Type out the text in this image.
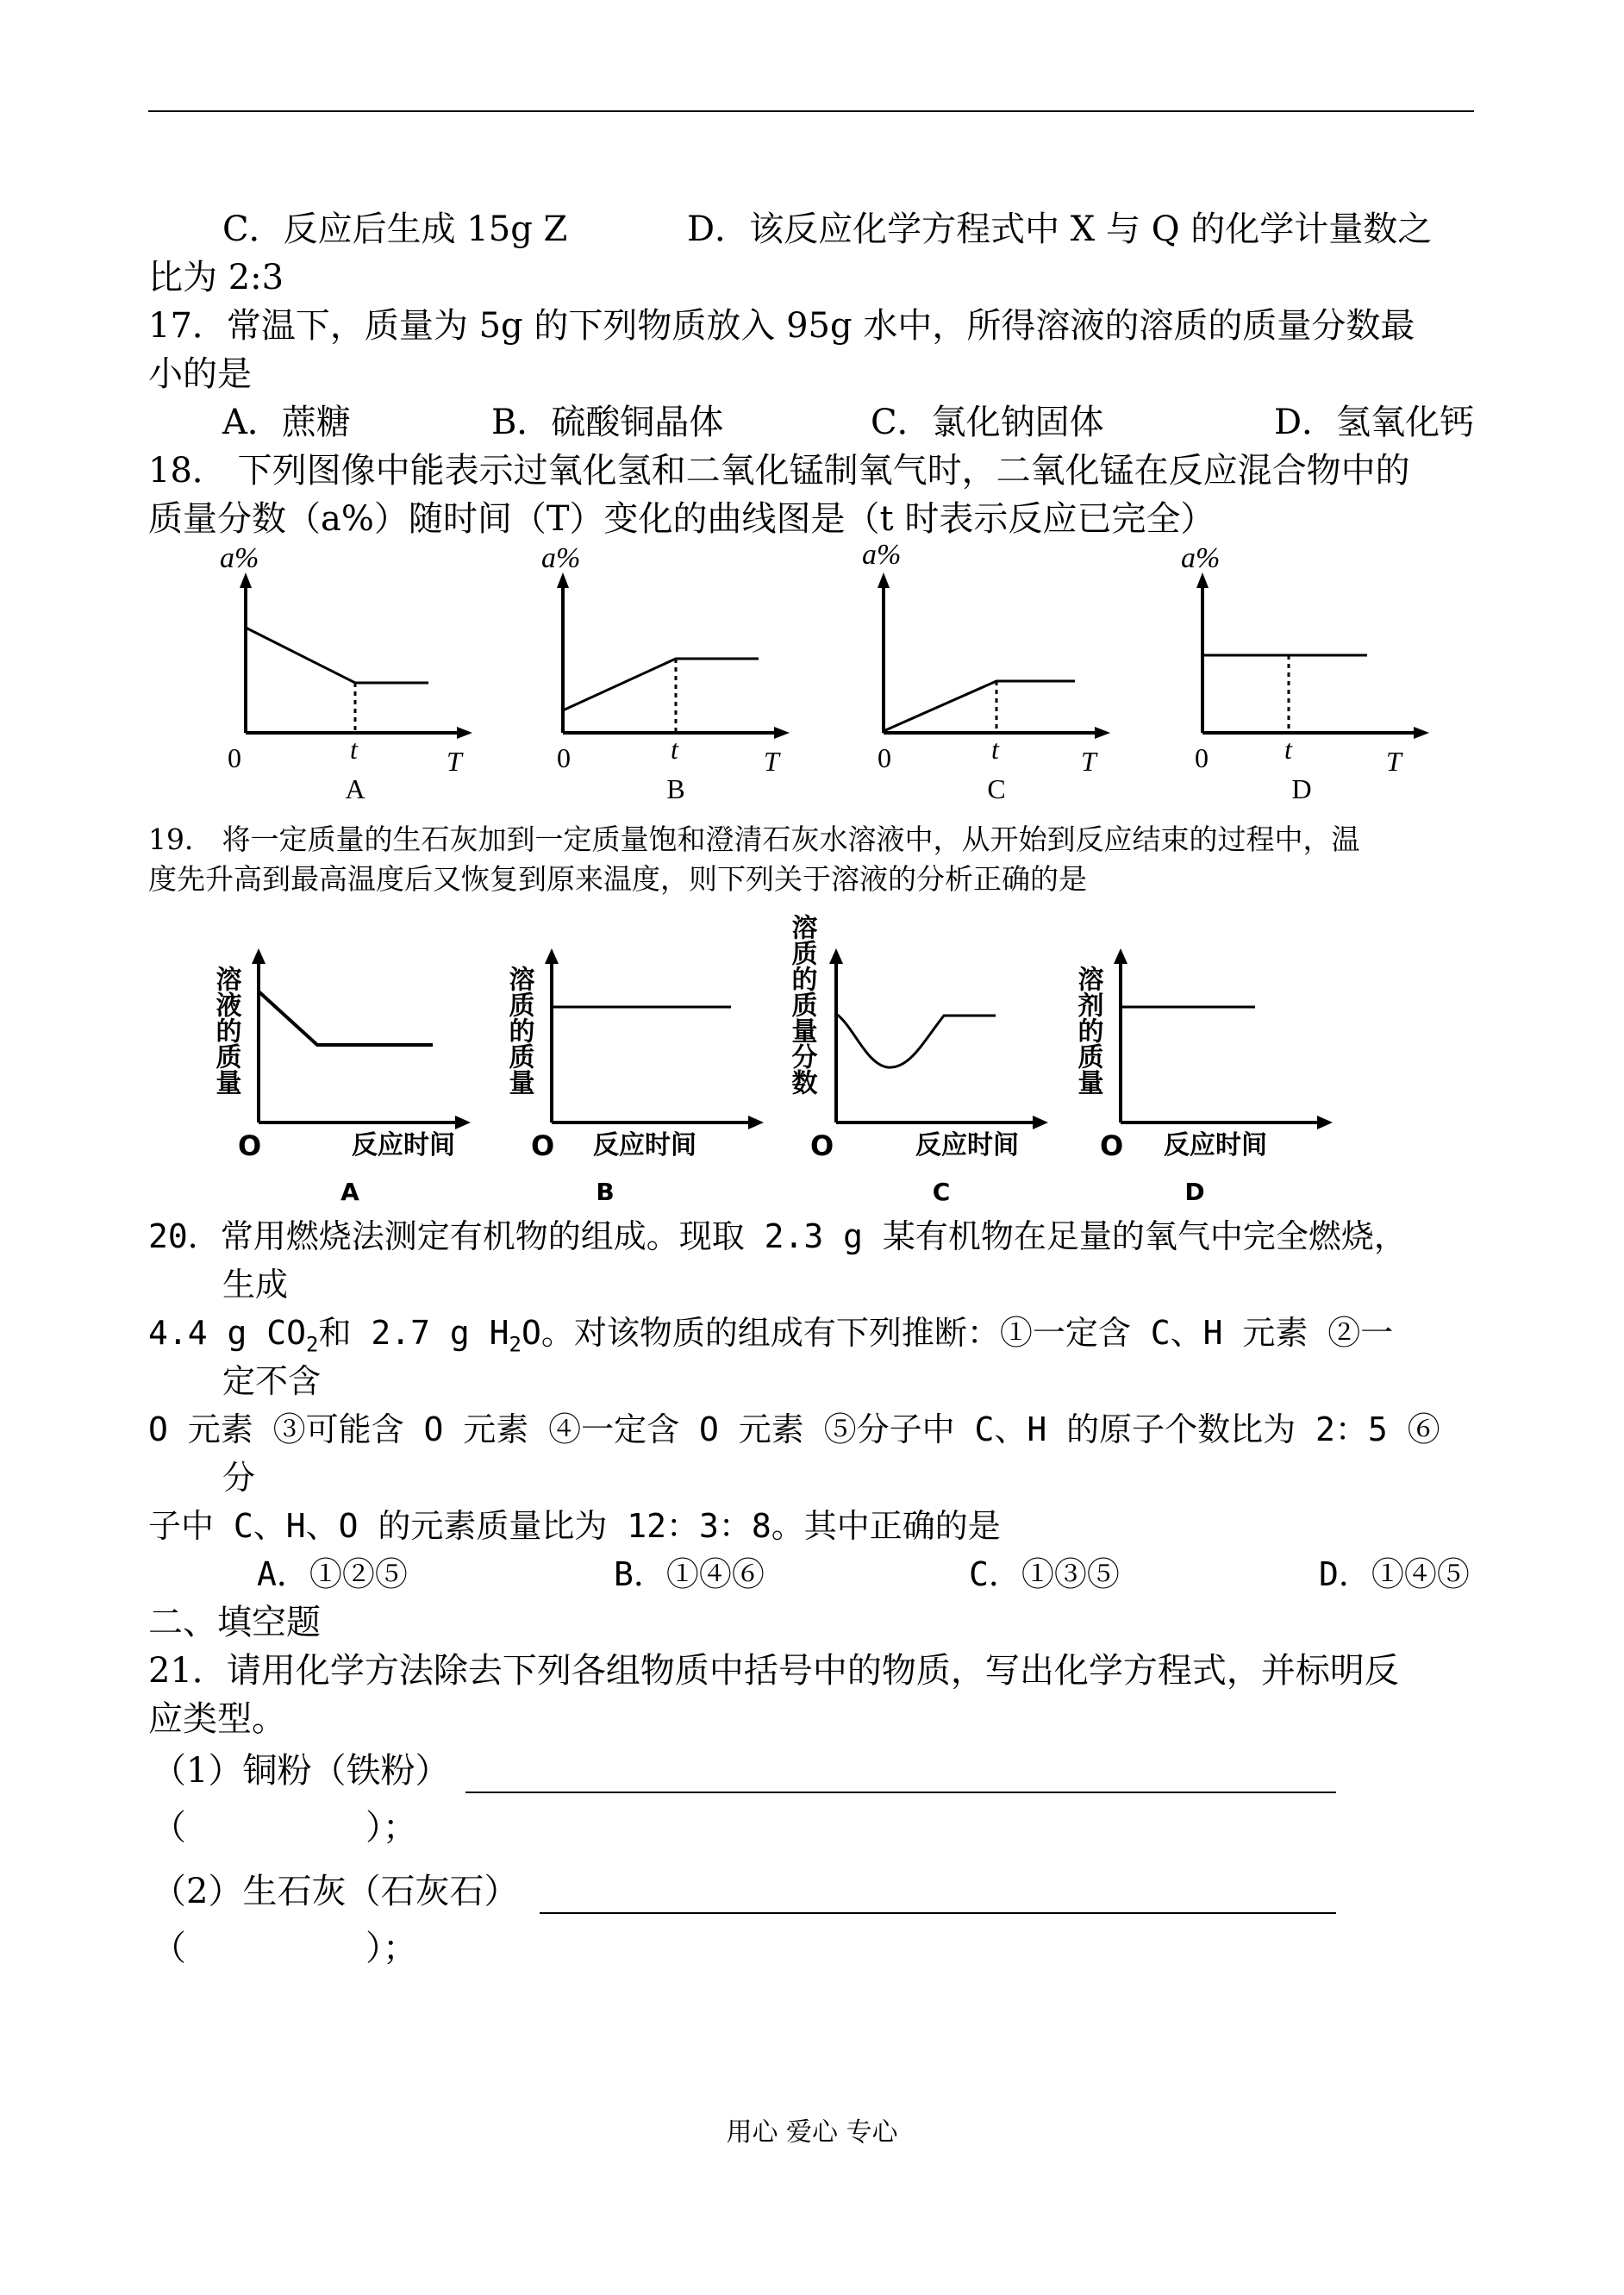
C．反应后生成 15g Z	D．该反应化学方程式中 X 与 Q 的化学计量数之
比为 2:3
17．常温下，质量为 5g 的下列物质放入 95g 水中，所得溶液的溶质的质量分数最
小的是
A．蔗糖	B．硫酸铜晶体	C．氯化钠固体	D．氢氧化钙
18． 下列图像中能表示过氧化氢和二氧化锰制氧气时，二氧化锰在反应混合物中的
质量分数（a%）随时间（T）变化的曲线图是（t 时表示反应已完全）
a%
0	t	T
A
a%
0	t	T
B
a%
0	t	T
C
a%
0	t	T
D
19． 将一定质量的生石灰加到一定质量饱和澄清石灰水溶液中，从开始到反应结束的过程中，温
度先升高到最高温度后又恢复到原来温度，则下列关于溶液的分析正确的是
溶液的质量
O	反应时间
A
溶质的质量
O 反应时间
B
溶质的质量分数
O	反应时间
C
溶剂的质量
O 反应时间
D
20．常用燃烧法测定有机物的组成。现取 2.3 g 某有机物在足量的氧气中完全燃烧，
生成
4.4 g $CO_2$和 2.7 g $H_2O$。对该物质的组成有下列推断：①一定含 C、H 元素 ②一
定不含
O 元素 ③可能含 O 元素 ④一定含 O 元素 ⑤分子中 C、H 的原子个数比为 2：5 ⑥
分
子中 C、H、O 的元素质量比为 12：3：8。其中正确的是
A．①②⑤	B．①④⑥	C．①③⑤	D．①④⑤
二、填空题
21．请用化学方法除去下列各组物质中括号中的物质，写出化学方程式，并标明反
应类型。
（1）铜粉（铁粉）
（	）；
（2）生石灰（石灰石）
（	）；
用心 爱心 专心
